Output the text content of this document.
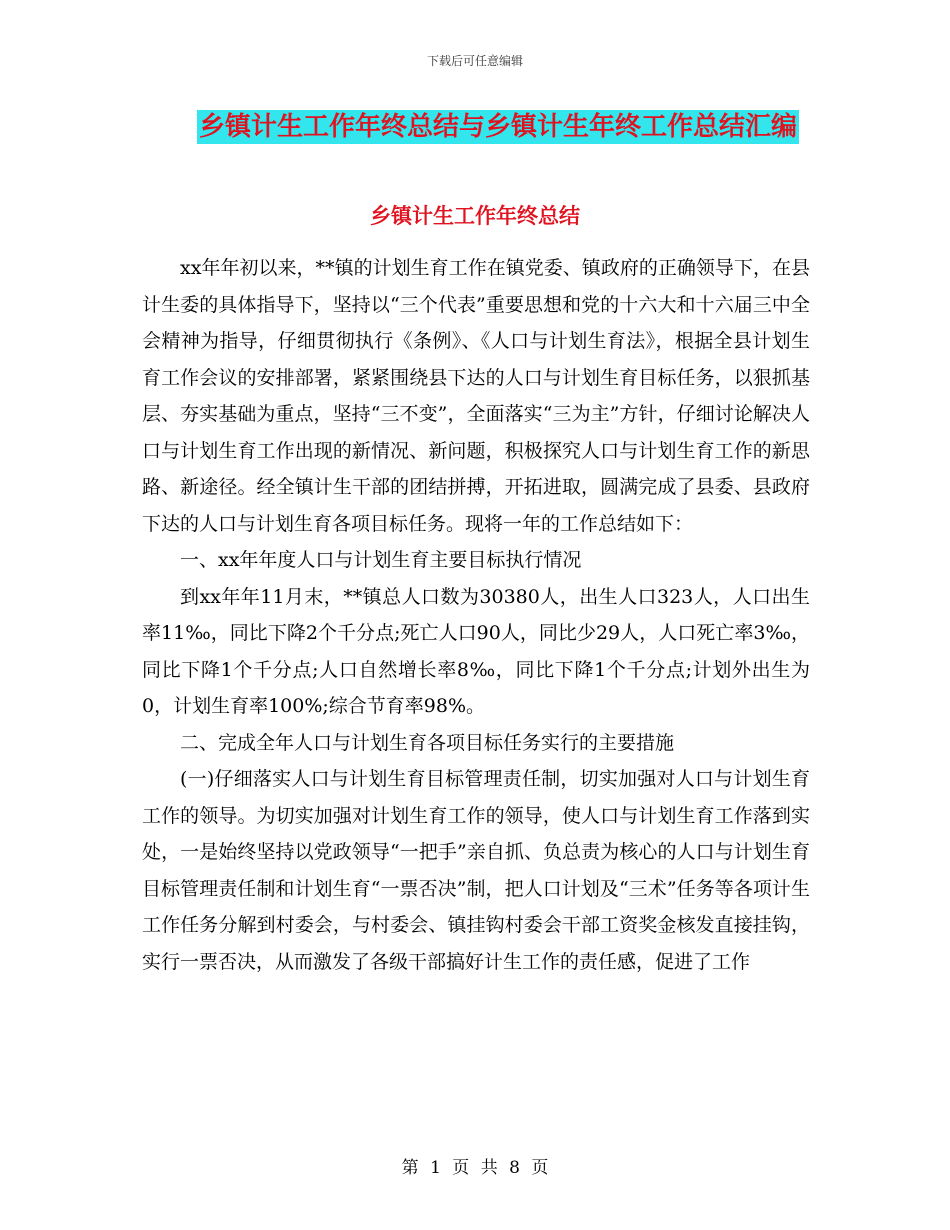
下载后可任意编辑
乡镇计生工作年终总结与乡镇计生年终工作总结汇编
乡镇计生工作年终总结

xx年年初以来，**镇的计划生育工作在镇党委、镇政府的正确领导下，在县计生委的具体指导下，坚持以“三个代表”重要思想和党的十六大和十六届三中全会精神为指导，仔细贯彻执行《条例》、《人口与计划生育法》，根据全县计划生育工作会议的安排部署，紧紧围绕县下达的人口与计划生育目标任务，以狠抓基层、夯实基础为重点，坚持“三不变”，全面落实“三为主”方针，仔细讨论解决人口与计划生育工作出现的新情况、新问题，积极探究人口与计划生育工作的新思路、新途径。经全镇计生干部的团结拼搏，开拓进取，圆满完成了县委、县政府下达的人口与计划生育各项目标任务。现将一年的工作总结如下：

一、xx年年度人口与计划生育主要目标执行情况

到xx年年11月末，**镇总人口数为30380人，出生人口323人，人口出生率11‰，同比下降2个千分点;死亡人口90人，同比少29人，人口死亡率3‰，同比下降1个千分点;人口自然增长率8‰，同比下降1个千分点;计划外出生为0，计划生育率100%;综合节育率98%。

二、完成全年人口与计划生育各项目标任务实行的主要措施

(一)仔细落实人口与计划生育目标管理责任制，切实加强对人口与计划生育工作的领导。为切实加强对计划生育工作的领导，使人口与计划生育工作落到实处，一是始终坚持以党政领导“一把手”亲自抓、负总责为核心的人口与计划生育目标管理责任制和计划生育“一票否决”制，把人口计划及“三术”任务等各项计生工作任务分解到村委会，与村委会、镇挂钩村委会干部工资奖金核发直接挂钩，实行一票否决，从而激发了各级干部搞好计生工作的责任感，促进了工作

第 1 页 共 8 页
